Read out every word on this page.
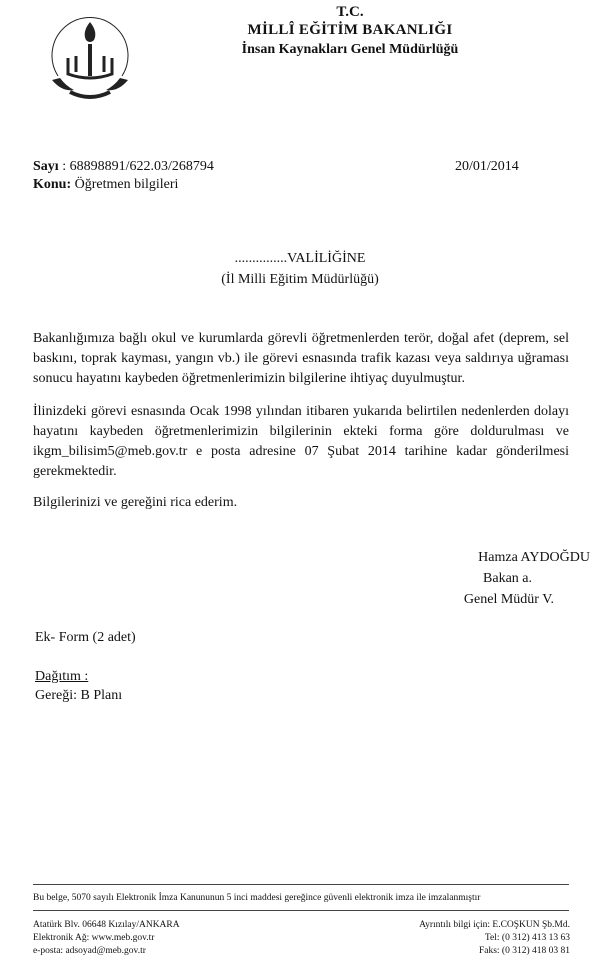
T.C.
MİLLÎ EĞİTİM BAKANLIĞI
İnsan Kaynakları Genel Müdürlüğü
Sayı : 68898891/622.03/268794
Konu: Öğretmen bilgileri
20/01/2014
...............VALİLİĞİNE
(İl Milli Eğitim Müdürlüğü)
Bakanlığımıza bağlı okul ve kurumlarda görevli öğretmenlerden terör, doğal afet (deprem, sel baskını, toprak kayması, yangın vb.) ile görevi esnasında trafik kazası veya saldırıya uğraması sonucu hayatını kaybeden öğretmenlerimizin bilgilerine ihtiyaç duyulmuştur.
İlinizdeki görevi esnasında Ocak 1998 yılından itibaren yukarıda belirtilen nedenlerden dolayı hayatını kaybeden öğretmenlerimizin bilgilerinin ekteki forma göre doldurulması ve ikgm_bilisim5@meb.gov.tr e posta adresine 07 Şubat 2014 tarihine kadar gönderilmesi gerekmektedir.
Bilgilerinizi ve gereğini rica ederim.
Hamza AYDOĞDU
Bakan a.
Genel Müdür V.
Ek- Form (2 adet)
Dağıtım :
Gereği: B Planı
Bu belge, 5070 sayılı Elektronik İmza Kanununun 5 inci maddesi gereğince güvenli elektronik imza ile imzalanmıştır
Atatürk Blv. 06648 Kızılay/ANKARA
Elektronik Ağ: www.meb.gov.tr
e-posta: adsoyad@meb.gov.tr
Ayrıntılı bilgi için: E.COŞKUN Şb.Md.
Tel: (0 312) 413 13 63
Faks: (0 312) 418 03 81
